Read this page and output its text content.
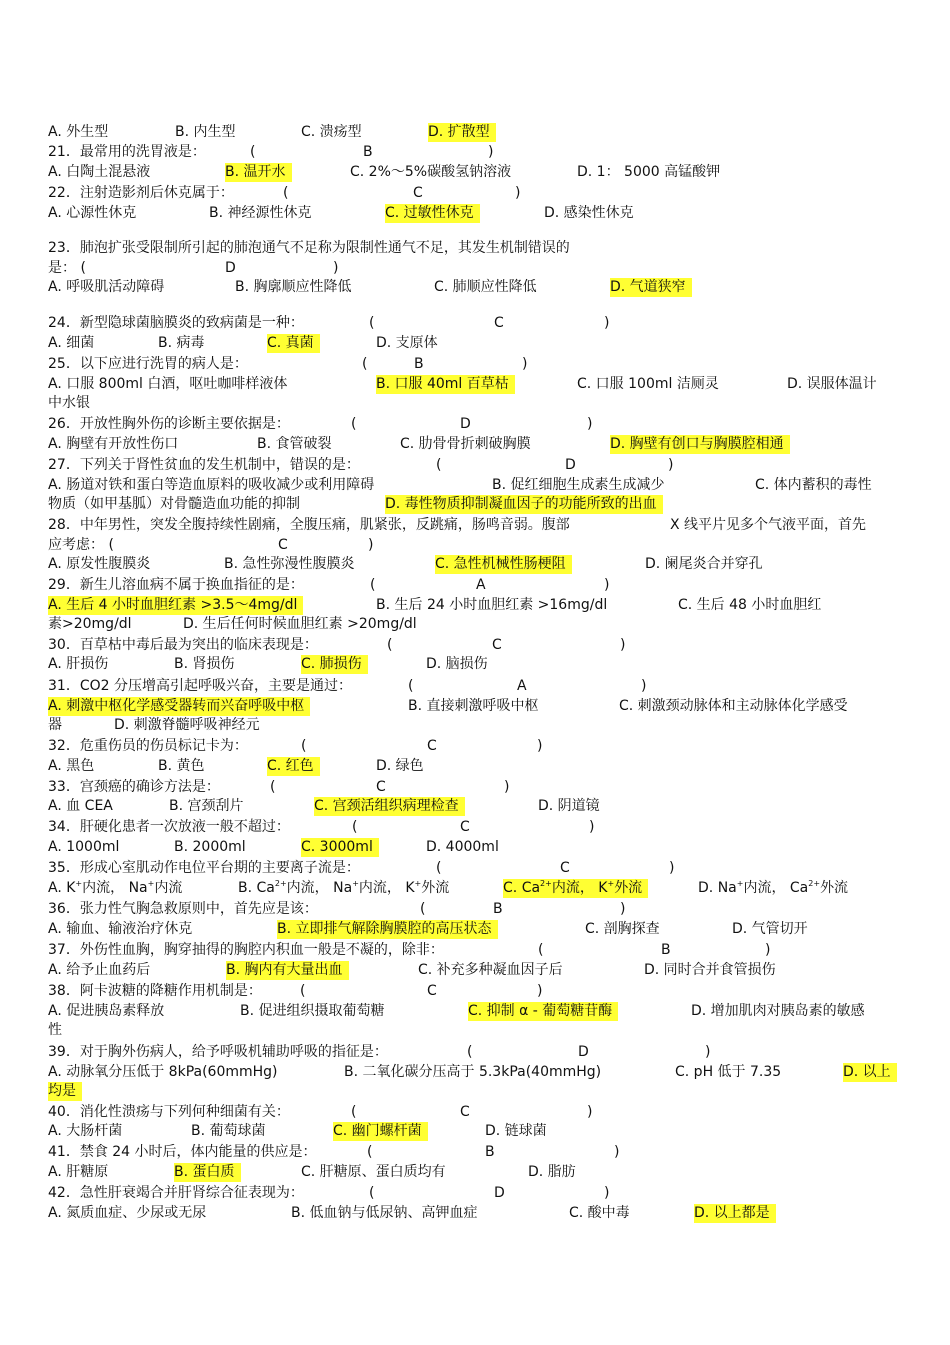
A. 外生型	B. 内生型	C. 溃疡型	D. 扩散型
21．最常用的洗胃液是：	(	B	)
A. 白陶土混悬液	B. 温开水	C. 2%～5%碳酸氢钠溶液	D. 1： 5000 高锰酸钾
22．注射造影剂后休克属于：	(	C	)
A. 心源性休克	B. 神经源性休克	C. 过敏性休克	D. 感染性休克
23．肺泡扩张受限制所引起的肺泡通气不足称为限制性通气不足，其发生机制错误的
是： (	D	)
A. 呼吸肌活动障碍	B. 胸廓顺应性降低	C. 肺顺应性降低	D. 气道狭窄
24．新型隐球菌脑膜炎的致病菌是一种：	(	C	)
A. 细菌	B. 病毒	C. 真菌	D. 支原体
25．以下应进行洗胃的病人是：	(	B	)
A. 口服 800ml 白酒，呕吐咖啡样液体	B. 口服 40ml 百草枯	C. 口服 100ml 洁厕灵	D. 误服体温计
中水银
26．开放性胸外伤的诊断主要依据是：	(	D	)
A. 胸壁有开放性伤口	B. 食管破裂	C. 肋骨骨折刺破胸膜	D. 胸壁有创口与胸膜腔相通
27．下列关于肾性贫血的发生机制中，错误的是：	(	D	)
A. 肠道对铁和蛋白等造血原料的吸收减少或利用障碍	B. 促红细胞生成素生成减少	C. 体内蓄积的毒性
物质（如甲基胍）对骨髓造血功能的抑制	D. 毒性物质抑制凝血因子的功能所致的出血
28．中年男性，突发全腹持续性剧痛，全腹压痛，肌紧张，反跳痛，肠鸣音弱。腹部	X 线平片见多个气液平面，首先
应考虑： (	C	)
A. 原发性腹膜炎	B. 急性弥漫性腹膜炎	C. 急性机械性肠梗阻	D. 阑尾炎合并穿孔
29．新生儿溶血病不属于换血指征的是：	(	A	)
A. 生后 4 小时血胆红素 >3.5～4mg/dl	B. 生后 24 小时血胆红素 >16mg/dl	C. 生后 48 小时血胆红
素>20mg/dl	D. 生后任何时候血胆红素 >20mg/dl
30．百草枯中毒后最为突出的临床表现是：	(	C	)
A. 肝损伤	B. 肾损伤	C. 肺损伤	D. 脑损伤
31．CO2 分压增高引起呼吸兴奋，主要是通过：	(	A	)
A. 刺激中枢化学感受器转而兴奋呼吸中枢	B. 直接刺激呼吸中枢	C. 刺激颈动脉体和主动脉体化学感受
器	D. 刺激脊髓呼吸神经元
32．危重伤员的伤员标记卡为：	(	C	)
A. 黑色	B. 黄色	C. 红色	D. 绿色
33．宫颈癌的确诊方法是：	(	C	)
A. 血 CEA	B. 宫颈刮片	C. 宫颈活组织病理检查	D. 阴道镜
34．肝硬化患者一次放液一般不超过：	(	C	)
A. 1000ml	B. 2000ml	C. 3000ml	D. 4000ml
35．形成心室肌动作电位平台期的主要离子流是：	(	C	)
A. K+内流， Na+内流	B. $Ca^{2+}$内流， Na+内流， K+外流	C. $Ca^{2+}$内流， K+外流	D. Na+内流， $Ca^{2+}$外流
36．张力性气胸急救原则中，首先应是该：	(	B	)
A. 输血、输液治疗休克	B. 立即排气解除胸膜腔的高压状态	C. 剖胸探查	D. 气管切开
37．外伤性血胸，胸穿抽得的胸腔内积血一般是不凝的，除非：	(	B	)
A. 给予止血药后	B. 胸内有大量出血	C. 补充多种凝血因子后	D. 同时合并食管损伤
38．阿卡波糖的降糖作用机制是：	(	C	)
A. 促进胰岛素释放	B. 促进组织摄取葡萄糖	C. 抑制 α - 葡萄糖苷酶	D. 增加肌肉对胰岛素的敏感
性
39．对于胸外伤病人，给予呼吸机辅助呼吸的指征是：	(	D	)
A. 动脉氧分压低于 8kPa(60mmHg)	B. 二氧化碳分压高于 5.3kPa(40mmHg)	C. pH 低于 7.35	D. 以上
均是
40．消化性溃疡与下列何种细菌有关：	(	C	)
A. 大肠杆菌	B. 葡萄球菌	C. 幽门螺杆菌	D. 链球菌
41．禁食 24 小时后，体内能量的供应是：	(	B	)
A. 肝糖原	B. 蛋白质	C. 肝糖原、蛋白质均有	D. 脂肪
42．急性肝衰竭合并肝肾综合征表现为：	(	D	)
A. 氮质血症、少尿或无尿	B. 低血钠与低尿钠、高钾血症	C. 酸中毒	D. 以上都是
